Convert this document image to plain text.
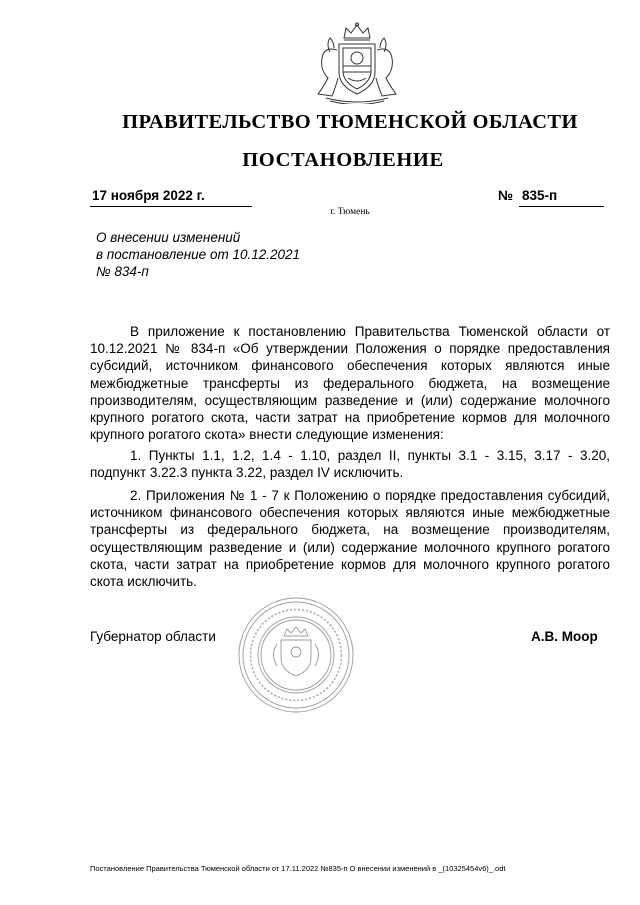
ПРАВИТЕЛЬСТВО ТЮМЕНСКОЙ ОБЛАСТИ
ПОСТАНОВЛЕНИЕ
17 ноября 2022 г.	№ 835-п
г. Тюмень
О внесении изменений
в постановление от 10.12.2021
№ 834-п
В приложение к постановлению Правительства Тюменской области от 10.12.2021 № 834-п «Об утверждении Положения о порядке предоставления субсидий, источником финансового обеспечения которых являются иные межбюджетные трансферты из федерального бюджета, на возмещение производителям, осуществляющим разведение и (или) содержание молочного крупного рогатого скота, части затрат на приобретение кормов для молочного крупного рогатого скота» внести следующие изменения:
1. Пункты 1.1, 1.2, 1.4 - 1.10, раздел II, пункты 3.1 - 3.15, 3.17 - 3.20, подпункт 3.22.3 пункта 3.22, раздел IV исключить.
2. Приложения № 1 - 7 к Положению о порядке предоставления субсидий, источником финансового обеспечения которых являются иные межбюджетные трансферты из федерального бюджета, на возмещение производителям, осуществляющим разведение и (или) содержание молочного крупного рогатого скота, части затрат на приобретение кормов для молочного крупного рогатого скота исключить.
Губернатор области	А.В. Моор
Постановление Правительства Тюменской области от 17.11.2022 №835-п О внесении изменений в _(10325454v6)_.odt
